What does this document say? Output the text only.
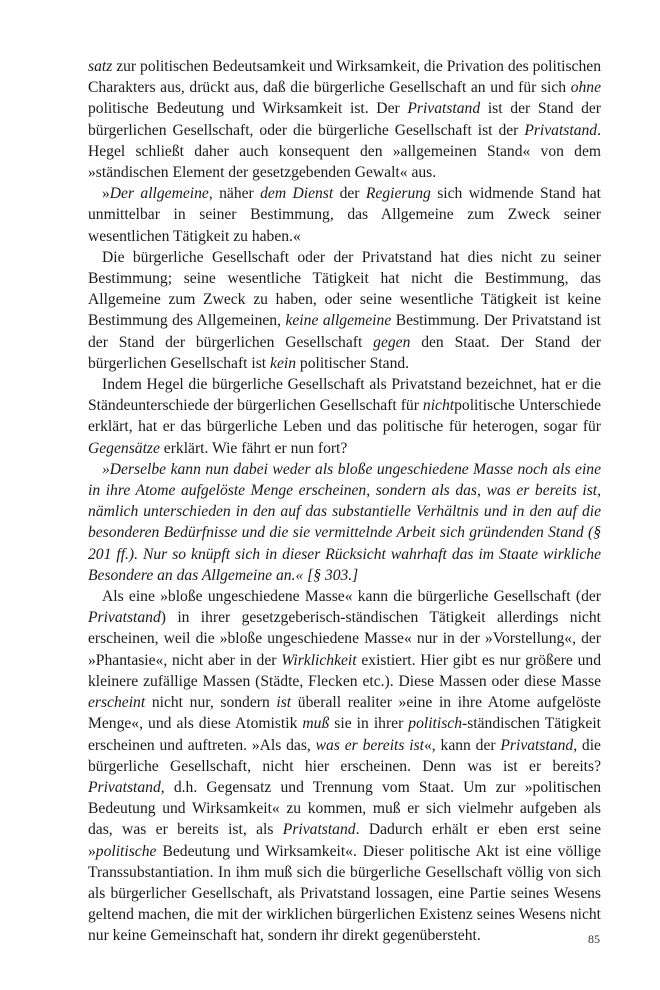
satz zur politischen Bedeutsamkeit und Wirksamkeit, die Privation des politischen Charakters aus, drückt aus, daß die bürgerliche Gesellschaft an und für sich ohne politische Bedeutung und Wirksamkeit ist. Der Privatstand ist der Stand der bürgerlichen Gesellschaft, oder die bürgerliche Gesellschaft ist der Privatstand. Hegel schließt daher auch konsequent den »allgemeinen Stand« von dem »ständischen Element der gesetzgebenden Gewalt« aus.

»Der allgemeine, näher dem Dienst der Regierung sich widmende Stand hat unmittelbar in seiner Bestimmung, das Allgemeine zum Zweck seiner wesentlichen Tätigkeit zu haben.«

Die bürgerliche Gesellschaft oder der Privatstand hat dies nicht zu seiner Bestimmung; seine wesentliche Tätigkeit hat nicht die Bestimmung, das Allgemeine zum Zweck zu haben, oder seine wesentliche Tätigkeit ist keine Bestimmung des Allgemeinen, keine allgemeine Bestimmung. Der Privatstand ist der Stand der bürgerlichen Gesellschaft gegen den Staat. Der Stand der bürgerlichen Gesellschaft ist kein politischer Stand.

Indem Hegel die bürgerliche Gesellschaft als Privatstand bezeichnet, hat er die Ständeunterschiede der bürgerlichen Gesellschaft für nichtpolitische Unterschiede erklärt, hat er das bürgerliche Leben und das politische für heterogen, sogar für Gegensätze erklärt. Wie fährt er nun fort?

»Derselbe kann nun dabei weder als bloße ungeschiedene Masse noch als eine in ihre Atome aufgelöste Menge erscheinen, sondern als das, was er bereits ist, nämlich unterschieden in den auf das substantielle Verhältnis und in den auf die besonderen Bedürfnisse und die sie vermittelnde Arbeit sich gründenden Stand (§ 201 ff.). Nur so knüpft sich in dieser Rücksicht wahrhaft das im Staate wirkliche Besondere an das Allgemeine an.« [§ 303.]

Als eine »bloße ungeschiedene Masse« kann die bürgerliche Gesellschaft (der Privatstand) in ihrer gesetzgeberisch-ständischen Tätigkeit allerdings nicht erscheinen, weil die »bloße ungeschiedene Masse« nur in der »Vorstellung«, der »Phantasie«, nicht aber in der Wirklichkeit existiert. Hier gibt es nur größere und kleinere zufällige Massen (Städte, Flecken etc.). Diese Massen oder diese Masse erscheint nicht nur, sondern ist überall realiter »eine in ihre Atome aufgelöste Menge«, und als diese Atomistik muß sie in ihrer politisch-ständischen Tätigkeit erscheinen und auftreten. »Als das, was er bereits ist«, kann der Privatstand, die bürgerliche Gesellschaft, nicht hier erscheinen. Denn was ist er bereits? Privatstand, d.h. Gegensatz und Trennung vom Staat. Um zur »politischen Bedeutung und Wirksamkeit« zu kommen, muß er sich vielmehr aufgeben als das, was er bereits ist, als Privatstand. Dadurch erhält er eben erst seine »politische Bedeutung und Wirksamkeit«. Dieser politische Akt ist eine völlige Transsubstantiation. In ihm muß sich die bürgerliche Gesellschaft völlig von sich als bürgerlicher Gesellschaft, als Privatstand lossagen, eine Partie seines Wesens geltend machen, die mit der wirklichen bürgerlichen Existenz seines Wesens nicht nur keine Gemeinschaft hat, sondern ihr direkt gegenübersteht.	85
